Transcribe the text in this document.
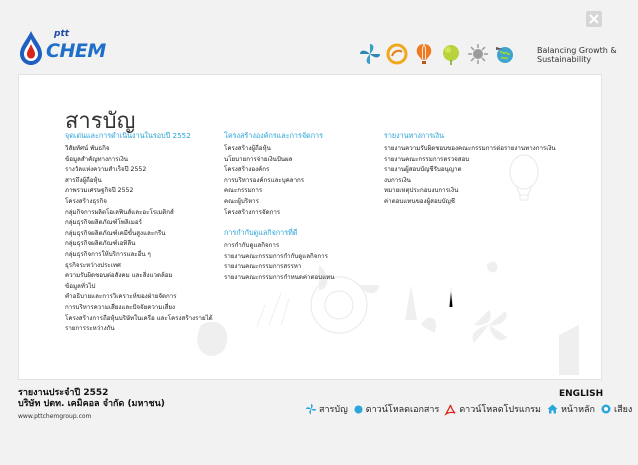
ptt
CHEM	Balancing Growth &
Sustainability
สารบัญ
จุดเด่นและการดำเนินงานในรอบปี 2552
วิสัยทัศน์ พันธกิจ
ข้อมูลสำคัญทางการเงิน
รางวัลแห่งความสำเร็จปี 2552
สารถึงผู้ถือหุ้น
ภาพรวมเศรษฐกิจปี 2552
โครงสร้างธุรกิจ
กลุ่มกิจการผลิตโอเลฟินส์และอะโรเมติกส์
กลุ่มธุรกิจผลิตภัณฑ์โพลิเมอร์
กลุ่มธุรกิจผลิตภัณฑ์เคมีขั้นสูงและกรีน
กลุ่มธุรกิจผลิตภัณฑ์เอทิลีน
กลุ่มธุรกิจการให้บริการและอื่น ๆ
ธุรกิจระหว่างประเทศ
ความรับผิดชอบต่อสังคม และสิ่งแวดล้อม
ข้อมูลทั่วไป
คำอธิบายและการวิเคราะห์ของฝ่ายจัดการ
การบริหารความเสี่ยงและปัจจัยความเสี่ยง
โครงสร้างการถือหุ้นบริษัทในเครือ และโครงสร้างรายได้
รายการระหว่างกัน
โครงสร้างองค์กรและการจัดการ
โครงสร้างผู้ถือหุ้น
นโยบายการจ่ายเงินปันผล
โครงสร้างองค์กร
การบริหารองค์กรและบุคลากร
คณะกรรมการ
คณะผู้บริหาร
โครงสร้างการจัดการ
การกำกับดูแลกิจการที่ดี
การกำกับดูแลกิจการ
รายงานคณะกรรมการกำกับดูแลกิจการ
รายงานคณะกรรมการสรรหา
รายงานคณะกรรมการกำหนดค่าตอบแทน
รายงานทางการเงิน
รายงานความรับผิดชอบของคณะกรรมการต่อรายงานทางการเงิน
รายงานคณะกรรมการตรวจสอบ
รายงานผู้สอบบัญชีรับอนุญาต
งบการเงิน
หมายเหตุประกอบงบการเงิน
ค่าตอบแทนของผู้สอบบัญชี
รายงานประจำปี 2552
บริษัท ปตท. เคมิคอล จำกัด (มหาชน)
www.pttchemgroup.com
ENGLISH
สารบัญ ดาวน์โหลดเอกสาร ดาวน์โหลดโปรแกรม หน้าหลัก เสียง
